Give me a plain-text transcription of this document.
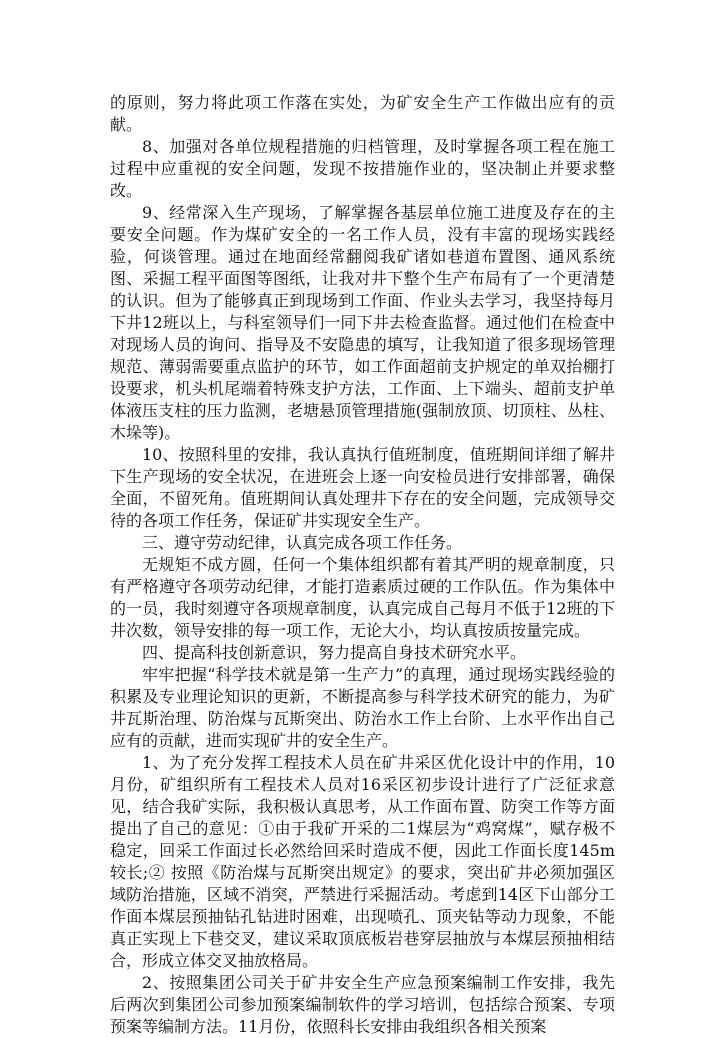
的原则，努力将此项工作落在实处，为矿安全生产工作做出应有的贡献。

8、加强对各单位规程措施的归档管理，及时掌握各项工程在施工过程中应重视的安全问题，发现不按措施作业的，坚决制止并要求整改。

9、经常深入生产现场，了解掌握各基层单位施工进度及存在的主要安全问题。作为煤矿安全的一名工作人员，没有丰富的现场实践经验，何谈管理。通过在地面经常翻阅我矿诸如巷道布置图、通风系统图、采掘工程平面图等图纸，让我对井下整个生产布局有了一个更清楚的认识。但为了能够真正到现场到工作面、作业头去学习，我坚持每月下井12班以上，与科室领导们一同下井去检查监督。通过他们在检查中对现场人员的询问、指导及不安隐患的填写，让我知道了很多现场管理规范、薄弱需要重点监护的环节，如工作面超前支护规定的单双抬棚打设要求，机头机尾端着特殊支护方法，工作面、上下端头、超前支护单体液压支柱的压力监测，老塘悬顶管理措施(强制放顶、切顶柱、丛柱、木垛等)。

10、按照科里的安排，我认真执行值班制度，值班期间详细了解井下生产现场的安全状况，在进班会上逐一向安检员进行安排部署，确保全面，不留死角。值班期间认真处理井下存在的安全问题，完成领导交待的各项工作任务，保证矿井实现安全生产。

三、遵守劳动纪律，认真完成各项工作任务。

无规矩不成方圆，任何一个集体组织都有着其严明的规章制度，只有严格遵守各项劳动纪律，才能打造素质过硬的工作队伍。作为集体中的一员，我时刻遵守各项规章制度，认真完成自己每月不低于12班的下井次数，领导安排的每一项工作，无论大小，均认真按质按量完成。

四、提高科技创新意识，努力提高自身技术研究水平。

牢牢把握“科学技术就是第一生产力”的真理，通过现场实践经验的积累及专业理论知识的更新，不断提高参与科学技术研究的能力，为矿井瓦斯治理、防治煤与瓦斯突出、防治水工作上台阶、上水平作出自己应有的贡献，进而实现矿井的安全生产。

1、为了充分发挥工程技术人员在矿井采区优化设计中的作用，10月份，矿组织所有工程技术人员对16采区初步设计进行了广泛征求意见，结合我矿实际，我积极认真思考，从工作面布置、防突工作等方面提出了自己的意见：①由于我矿开采的二1煤层为“鸡窝煤”，赋存极不稳定，回采工作面过长必然给回采时造成不便，因此工作面长度145m较长;② 按照《防治煤与瓦斯突出规定》的要求，突出矿井必须加强区域防治措施，区域不消突，严禁进行采掘活动。考虑到14区下山部分工作面本煤层预抽钻孔钻进时困难，出现喷孔、顶夹钻等动力现象，不能真正实现上下巷交叉，建议采取顶底板岩巷穿层抽放与本煤层预抽相结合，形成立体交叉抽放格局。

2、按照集团公司关于矿井安全生产应急预案编制工作安排，我先后两次到集团公司参加预案编制软件的学习培训，包括综合预案、专项预案等编制方法。11月份，依照科长安排由我组织各相关预案
